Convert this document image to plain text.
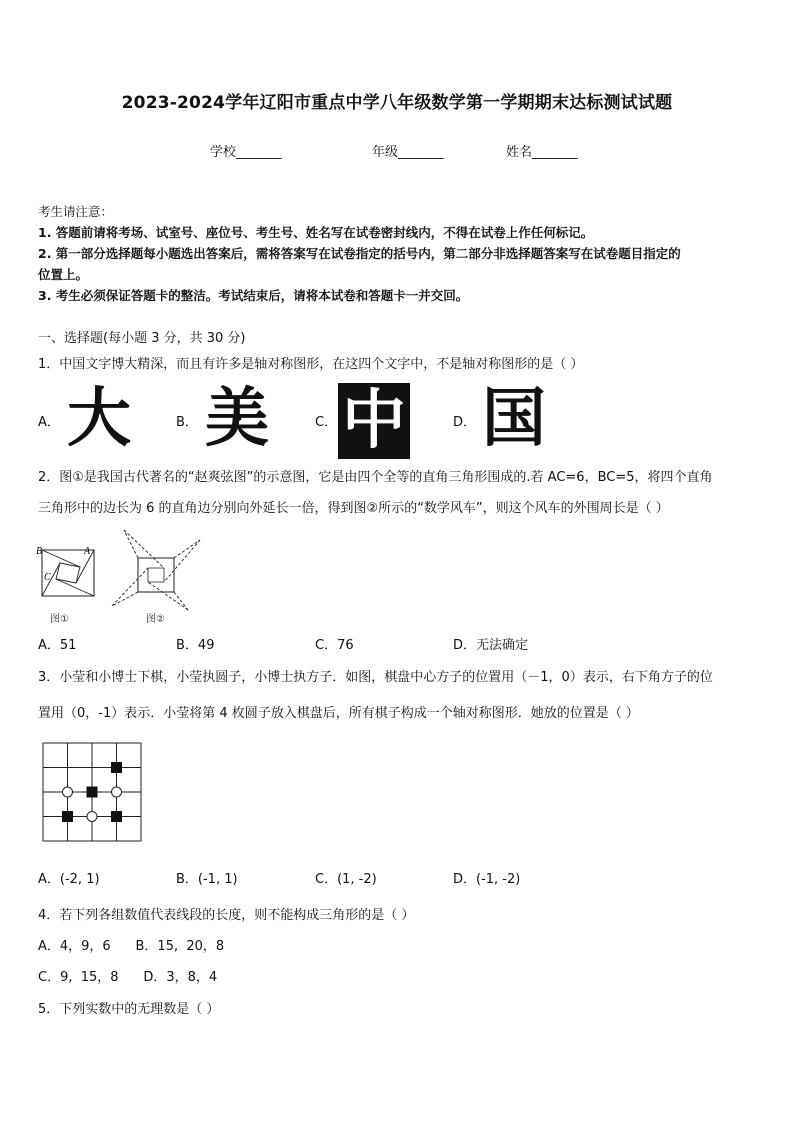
2023-2024学年辽阳市重点中学八年级数学第一学期期末达标测试试题
学校_______	年级_______	姓名_______
考生请注意：
1. 答题前请将考场、试室号、座位号、考生号、姓名写在试卷密封线内，不得在试卷上作任何标记。
2. 第一部分选择题每小题选出答案后，需将答案写在试卷指定的括号内，第二部分非选择题答案写在试卷题目指定的
位置上。
3. 考生必须保证答题卡的整洁。考试结束后，请将本试卷和答题卡一并交回。
一、选择题(每小题 3 分，共 30 分)
1．中国文字博大精深，而且有许多是轴对称图形，在这四个文字中，不是轴对称图形的是（ ）
A． 大	B． 美	C． 中	D． 国
2．图①是我国古代著名的“赵爽弦图”的示意图，它是由四个全等的直角三角形围成的.若 AC=6，BC=5，将四个直角
三角形中的边长为 6 的直角边分别向外延长一倍，得到图②所示的“数学风车”，则这个风车的外围周长是（ ）
B	A
C
图①	图②
A．51	B．49	C．76	D．无法确定
3．小莹和小博士下棋，小莹执圆子，小博士执方子．如图，棋盘中心方子的位置用（－1，0）表示，右下角方子的位
置用（0，-1）表示．小莹将第 4 枚圆子放入棋盘后，所有棋子构成一个轴对称图形．她放的位置是（ ）
A．(-2, 1)	B．(-1, 1)	C．(1, -2)	D．(-1, -2)
4．若下列各组数值代表线段的长度，则不能构成三角形的是（ ）
A．4，9，6      B．15,  20，8
C．9,  15，8      D．3，8，4
5．下列实数中的无理数是（ ）
